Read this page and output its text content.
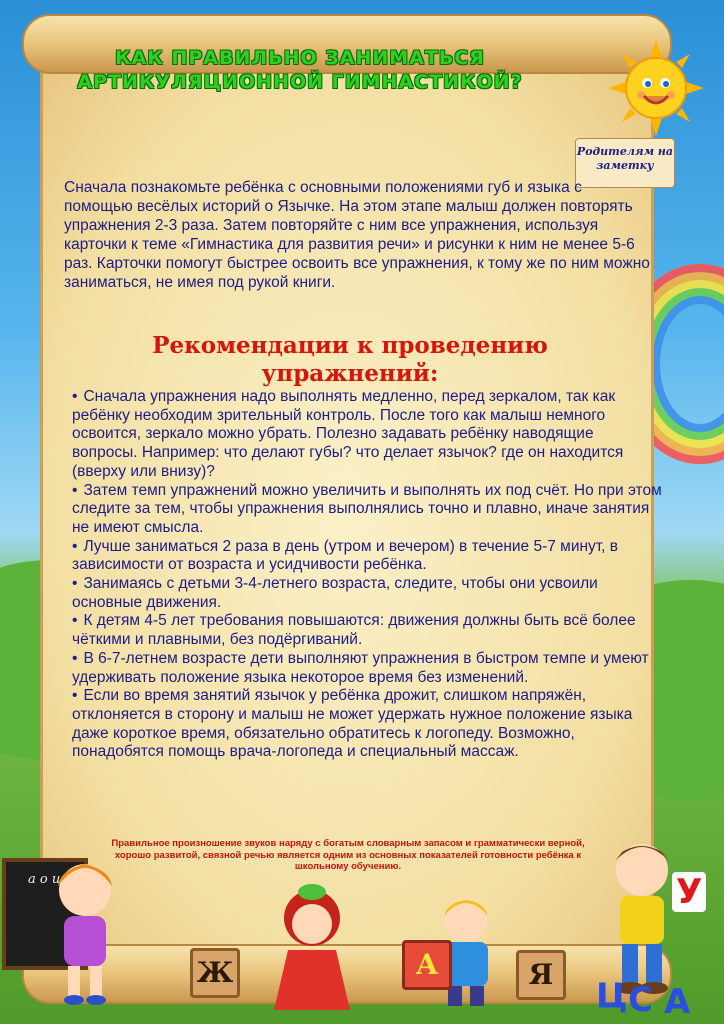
КАК ПРАВИЛЬНО ЗАНИМАТЬСЯ АРТИКУЛЯЦИОННОЙ ГИМНАСТИКОЙ?
Родителям на заметку

Сначала познакомьте ребёнка с основными положениями губ и языка с помощью весёлых историй о Язычке. На этом этапе малыш должен повторять упражнения 2-3 раза. Затем повторяйте с ним все упражнения, используя карточки к теме «Гимнастика для развития речи» и рисунки к ним не менее 5-6 раз. Карточки помогут быстрее освоить все упражнения, к тому же по ним можно заниматься, не имея под рукой книги.

Рекомендации к проведению упражнений:
• Сначала упражнения надо выполнять медленно, перед зеркалом, так как ребёнку необходим зрительный контроль. После того как малыш немного освоится, зеркало можно убрать. Полезно задавать ребёнку наводящие вопросы. Например: что делают губы? что делает язычок? где он находится (вверху или внизу)?
• Затем темп упражнений можно увеличить и выполнять их под счёт. Но при этом следите за тем, чтобы упражнения выполнялись точно и плавно, иначе занятия не имеют смысла.
• Лучше заниматься 2 раза в день (утром и вечером) в течение 5-7 минут, в зависимости от возраста и усидчивости ребёнка.
• Занимаясь с детьми 3-4-летнего возраста, следите, чтобы они усвоили основные движения.
• К детям 4-5 лет требования повышаются: движения должны быть всё более чёткими и плавными, без подёргиваний.
• В 6-7-летнем возрасте дети выполняют упражнения в быстром темпе и умеют удерживать положение языка некоторое время без изменений.
• Если во время занятий язычок у ребёнка дрожит, слишком напряжён, отклоняется в сторону и малыш не может удержать нужное положение языка даже короткое время, обязательно обратитесь к логопеду. Возможно, понадобятся помощь врача-логопеда и специальный массаж.
Правильное произношение звуков наряду с богатым словарным запасом и грамматически верной, хорошо развитой, связной речью является одним из основных показателей готовности ребёнка к школьному обучению.
а о и
Ж	А	Я
У
Ц С А
